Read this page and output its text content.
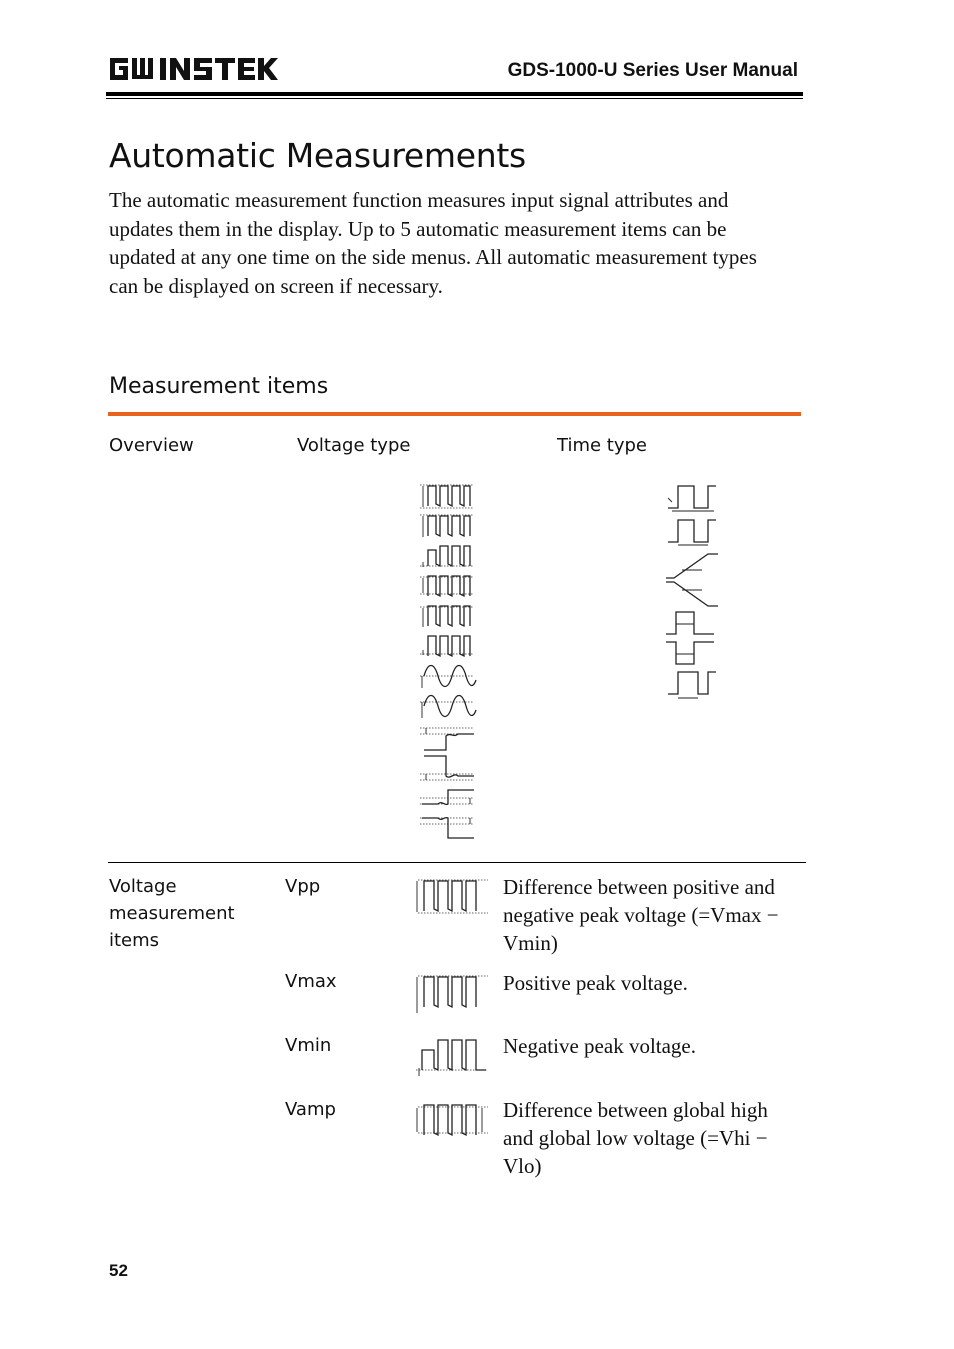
GDS-1000-U Series User Manual
Automatic Measurements

The automatic measurement function measures input signal attributes and updates them in the display. Up to 5 automatic measurement items can be updated at any one time on the side menus. All automatic measurement types can be displayed on screen if necessary.

Measurement items
Overview	Voltage type	Time type
Voltage measurement items
Vpp	Difference between positive and negative peak voltage (=Vmax − Vmin)
Vmax	Positive peak voltage.
Vmin	Negative peak voltage.
Vamp	Difference between global high and global low voltage (=Vhi − Vlo)
52
